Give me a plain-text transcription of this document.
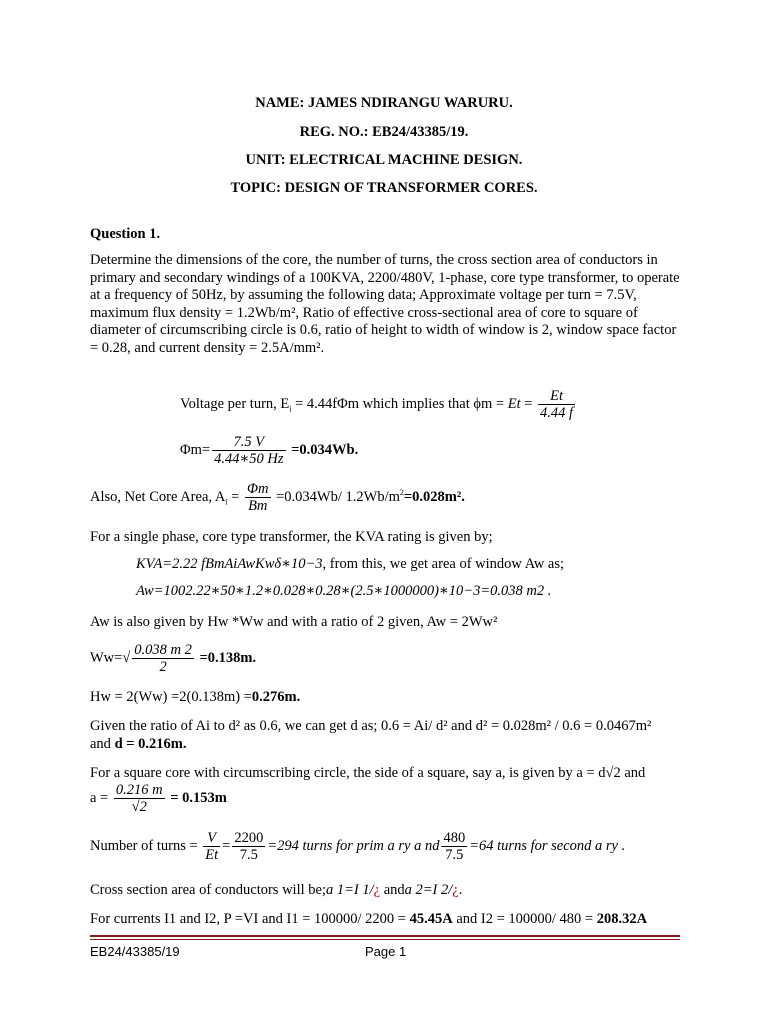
NAME: JAMES NDIRANGU WARURU.
REG. NO.: EB24/43385/19.
UNIT: ELECTRICAL MACHINE DESIGN.
TOPIC: DESIGN OF TRANSFORMER CORES.
Question 1.
Determine the dimensions of the core, the number of turns, the cross section area of conductors in primary and secondary windings of a 100KVA, 2200/480V, 1-phase, core type transformer, to operate at a frequency of 50Hz, by assuming the following data; Approximate voltage per turn = 7.5V, maximum flux density = 1.2Wb/m², Ratio of effective cross-sectional area of core to square of diameter of circumscribing circle is 0.6, ratio of height to width of window is 2, window space factor = 0.28, and current density = 2.5A/mm².
Voltage per turn, $E_i = 4.44f\Phi m$ which implies that $\phi m = Et = \frac{Et}{4.44 f}$
$\Phi m= \frac{7.5 V}{4.44∗50 Hz} =0.034Wb$.
Also, Net Core Area, $A_i = \frac{\Phi m}{Bm} =0.034Wb/$ $1.2Wb/m^2=0.028m^2$.
For a single phase, core type transformer, the KVA rating is given by;
KVA=2.22 fBmAiAwKwδ∗10−3, from this, we get area of window Aw as;
Aw=1002.22∗50∗1.2∗0.028∗0.28∗(2.5∗1000000)∗10−3=0.038 m2 .
Aw is also given by Hw *Ww and with a ratio of 2 given, Aw = 2Ww²
$Ww=√ \frac{0.038 m 2}{2} =0.138m$.
Hw = 2(Ww) =2(0.138m) =0.276m.
Given the ratio of Ai to d² as 0.6, we can get d as; 0.6 = Ai/ d² and d² = 0.028m² / 0.6 = 0.0467m²
and d = 0.216m.
For a square core with circumscribing circle, the side of a square, say a, is given by a = d√2 and
$a = \frac{0.216 m}{√2} = 0.153m$
Number of turns = $\frac{V}{Et} = \frac{2200}{7.5} =294$ turns for prim a ry a nd $\frac{480}{7.5} =64$ turns for second a ry .
Cross section area of conductors will be;a 1=I 1/¿ anda 2=I 2/¿.
For currents I1 and I2, P =VI and I1 = 100000/ 2200 = 45.45A and I2 = 100000/ 480 = 208.32A
EB24/43385/19	Page 1
